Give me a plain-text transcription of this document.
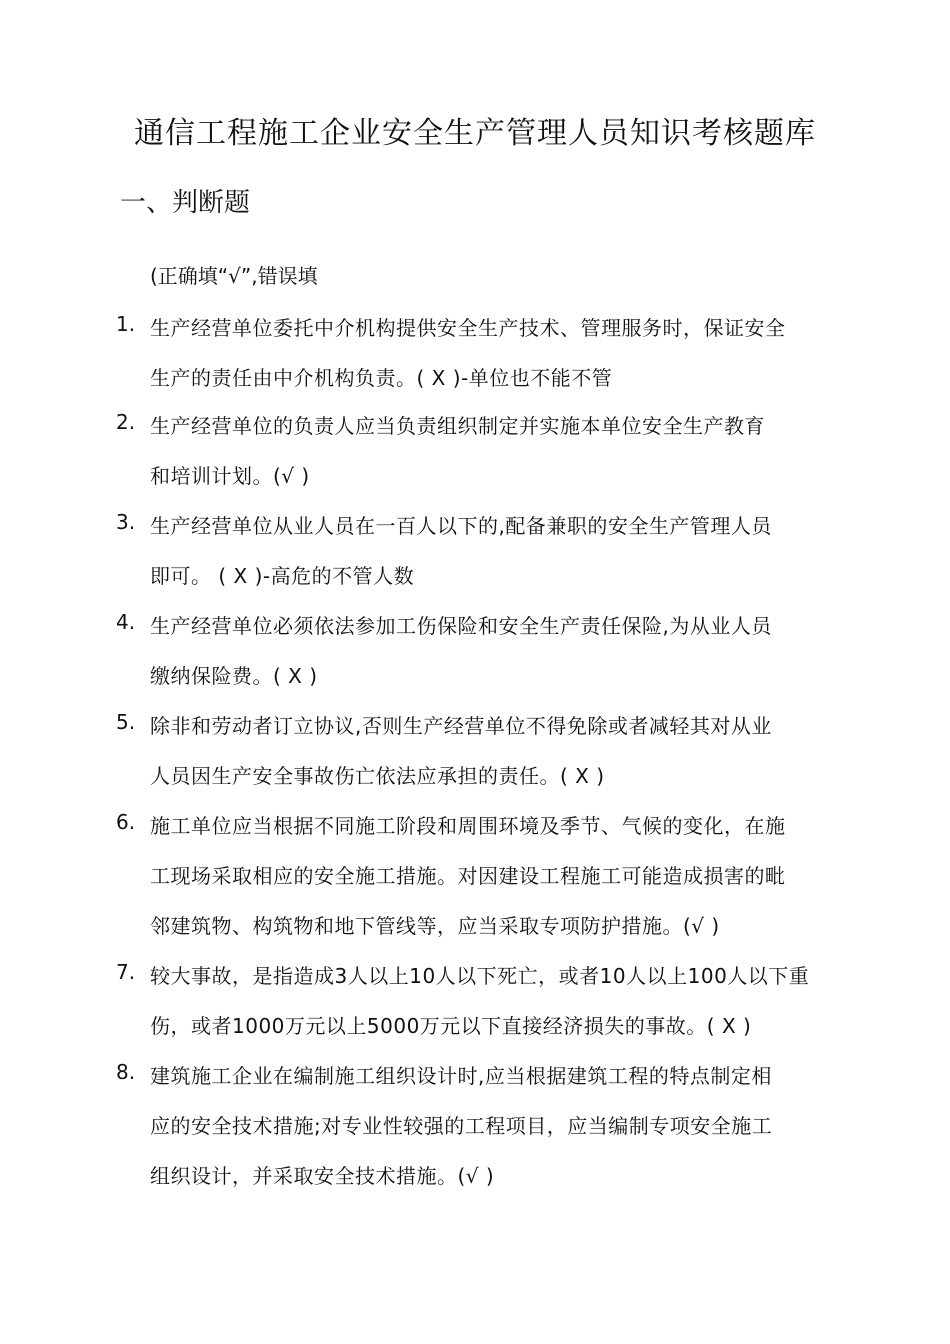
通信工程施工企业安全生产管理人员知识考核题库
一、判断题
(正确填“√”,错误填
1. 生产经营单位委托中介机构提供安全生产技术、管理服务时，保证安全
生产的责任由中介机构负责。( X )-单位也不能不管
2. 生产经营单位的负责人应当负责组织制定并实施本单位安全生产教育
和培训计划。(√ )
3. 生产经营单位从业人员在一百人以下的,配备兼职的安全生产管理人员
即可。 ( X )-高危的不管人数
4. 生产经营单位必须依法参加工伤保险和安全生产责任保险,为从业人员
缴纳保险费。( X )
5. 除非和劳动者订立协议,否则生产经营单位不得免除或者减轻其对从业
人员因生产安全事故伤亡依法应承担的责任。( X )
6. 施工单位应当根据不同施工阶段和周围环境及季节、气候的变化，在施
工现场采取相应的安全施工措施。对因建设工程施工可能造成损害的毗
邻建筑物、构筑物和地下管线等，应当采取专项防护措施。(√ )
7. 较大事故，是指造成3人以上10人以下死亡，或者10人以上100人以下重
伤，或者1000万元以上5000万元以下直接经济损失的事故。( X )
8. 建筑施工企业在编制施工组织设计时,应当根据建筑工程的特点制定相
应的安全技术措施;对专业性较强的工程项目，应当编制专项安全施工
组织设计，并采取安全技术措施。(√ )
